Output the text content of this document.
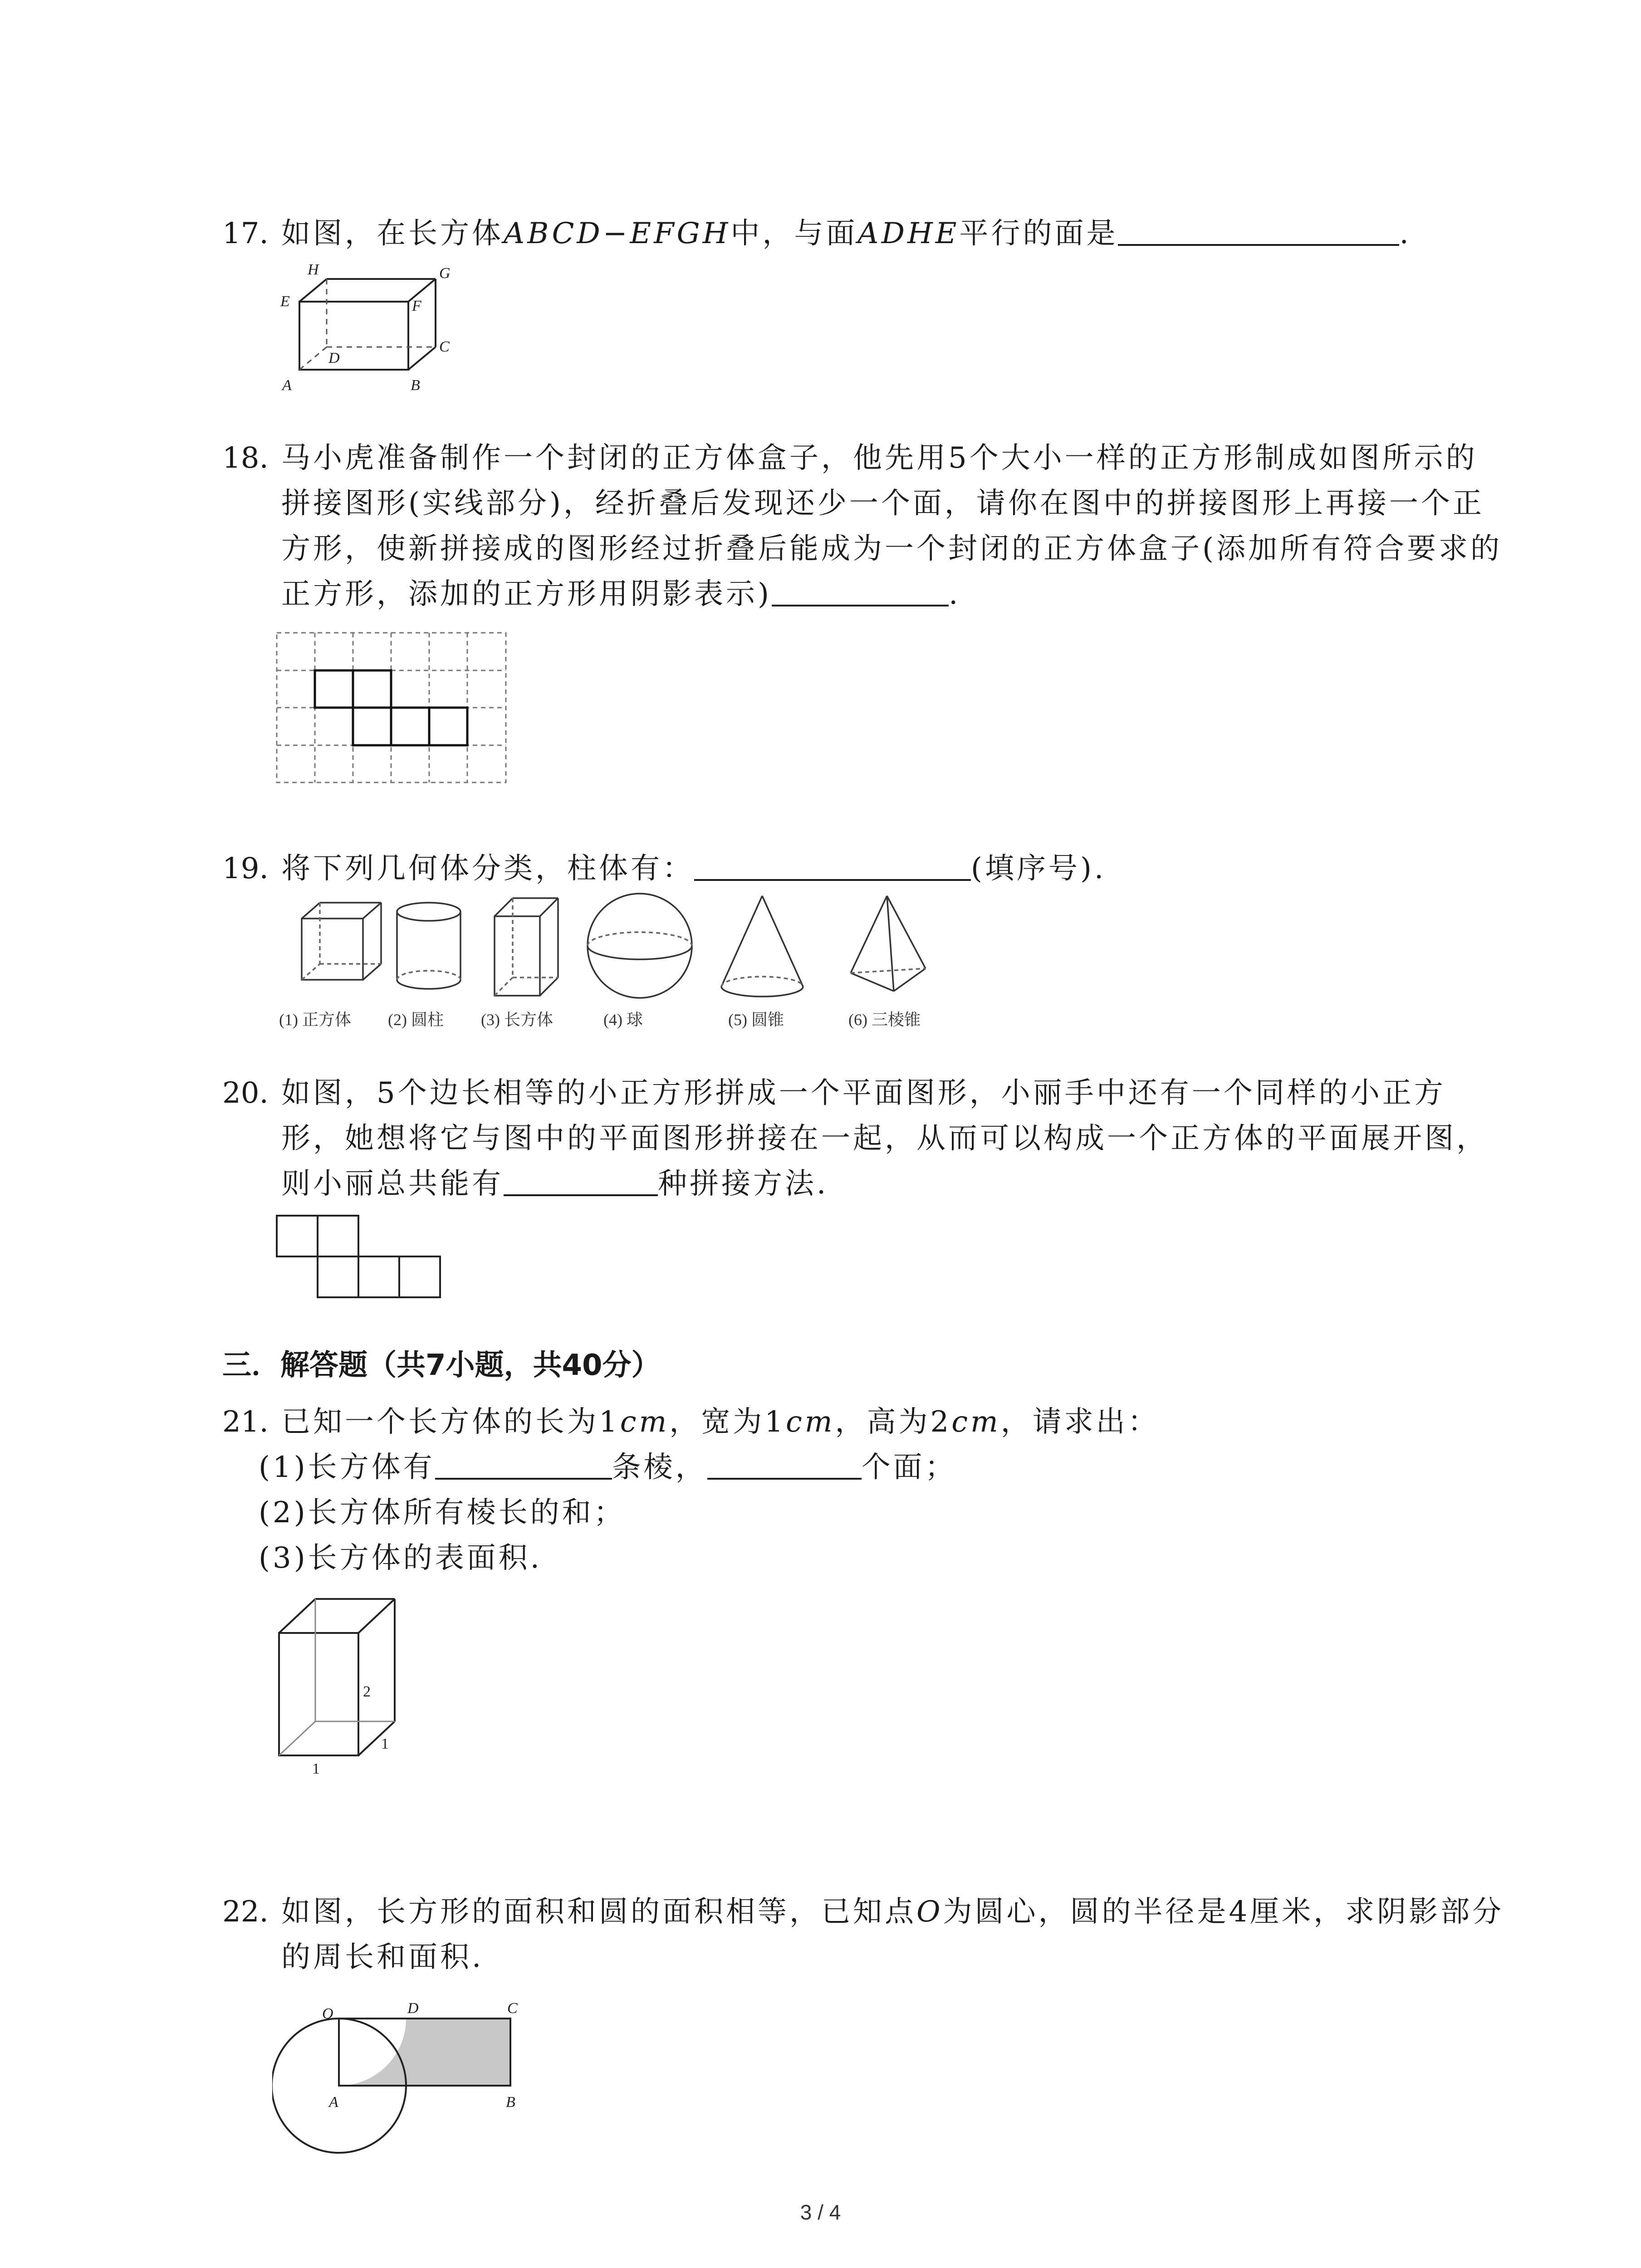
17. 如图，在长方体ABCD−EFGH中，与面ADHE平行的面是	.
H	G
E	F
D
C
A	B
18. 马小虎准备制作一个封闭的正方体盒子，他先用5个大小一样的正方形制成如图所示的
拼接图形(实线部分)，经折叠后发现还少一个面，请你在图中的拼接图形上再接一个正
方形，使新拼接成的图形经过折叠后能成为一个封闭的正方体盒子(添加所有符合要求的
正方形，添加的正方形用阴影表示)	.
19. 将下列几何体分类，柱体有：	(填序号).
(1) 正方体 (2) 圆柱 (3) 长方体	(4) 球	(5) 圆锥	(6) 三棱锥
20. 如图，5个边长相等的小正方形拼成一个平面图形，小丽手中还有一个同样的小正方
形，她想将它与图中的平面图形拼接在一起，从而可以构成一个正方体的平面展开图，
则小丽总共能有	种拼接方法.
三．解答题（共7小题，共40分）
21. 已知一个长方体的长为1cm，宽为1cm，高为2cm，请求出：
(1)长方体有	条棱，	个面；
(2)长方体所有棱长的和；
(3)长方体的表面积.
2
1
1
22. 如图，长方形的面积和圆的面积相等，已知点O为圆心，圆的半径是4厘米，求阴影部分
的周长和面积.
O	D	C
A	B
3 / 4
